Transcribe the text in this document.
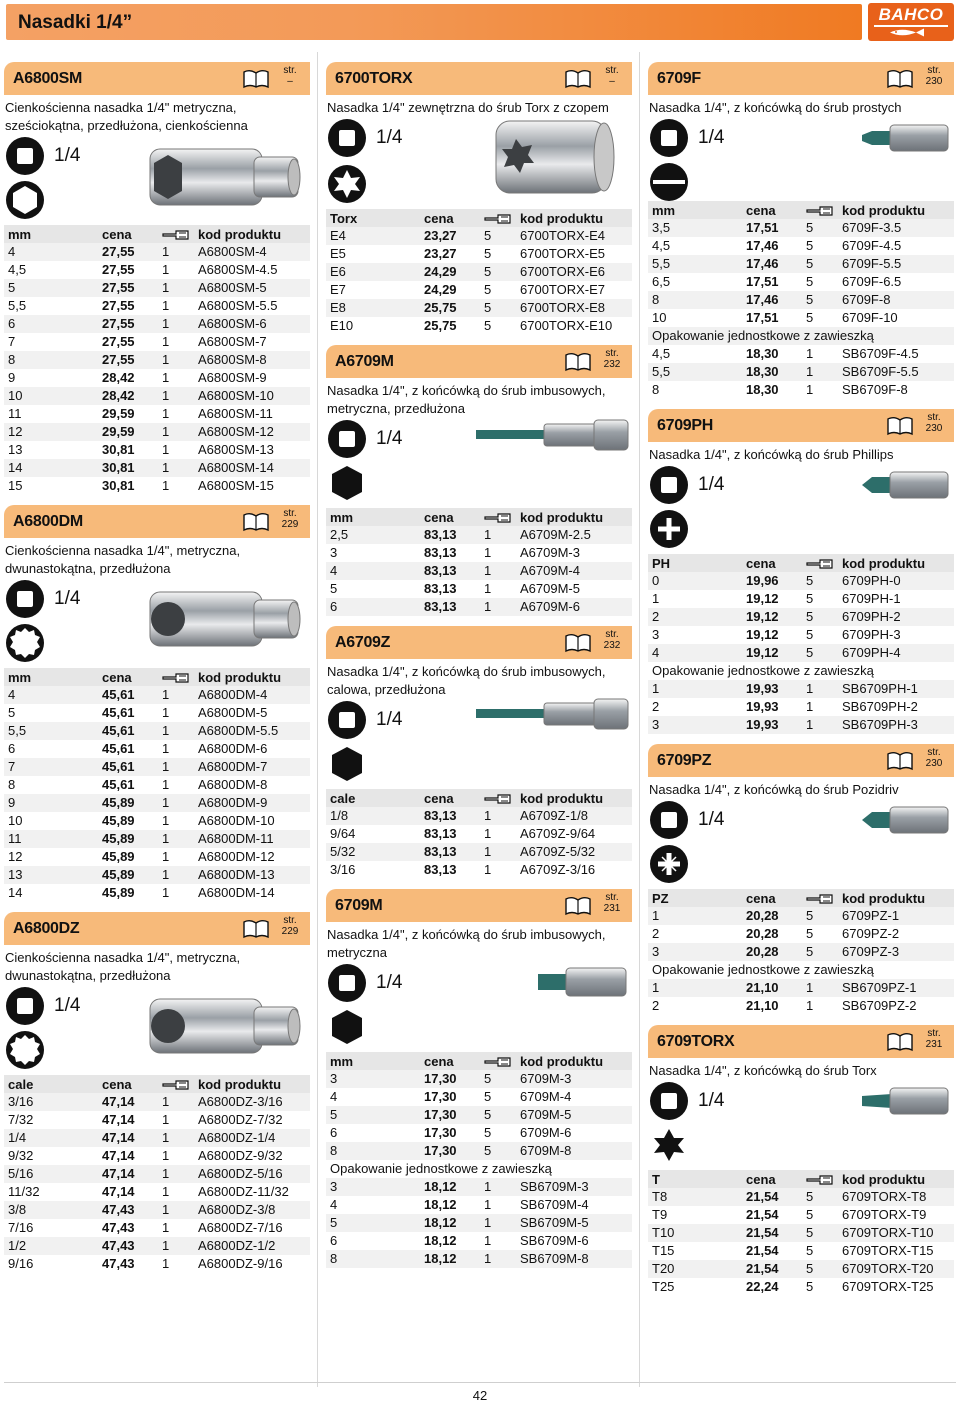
Nasadki 1/4”	BAHCO
42
A6800SM	str.
–
Cienkościenna nasadka 1/4" metryczna, sześciokątna, przedłużona, cienkościenna
1/4
mm	cena		kod produktu
4	27,55	1	A6800SM-4
4,5	27,55	1	A6800SM-4.5
5	27,55	1	A6800SM-5
5,5	27,55	1	A6800SM-5.5
6	27,55	1	A6800SM-6
7	27,55	1	A6800SM-7
8	27,55	1	A6800SM-8
9	28,42	1	A6800SM-9
10	28,42	1	A6800SM-10
11	29,59	1	A6800SM-11
12	29,59	1	A6800SM-12
13	30,81	1	A6800SM-13
14	30,81	1	A6800SM-14
15	30,81	1	A6800SM-15
A6800DM	str.
229
Cienkościenna nasadka 1/4", metryczna, dwunastokątna, przedłużona
1/4
mm	cena		kod produktu
4	45,61	1	A6800DM-4
5	45,61	1	A6800DM-5
5,5	45,61	1	A6800DM-5.5
6	45,61	1	A6800DM-6
7	45,61	1	A6800DM-7
8	45,61	1	A6800DM-8
9	45,89	1	A6800DM-9
10	45,89	1	A6800DM-10
11	45,89	1	A6800DM-11
12	45,89	1	A6800DM-12
13	45,89	1	A6800DM-13
14	45,89	1	A6800DM-14
A6800DZ	str.
229
Cienkościenna nasadka 1/4", metryczna, dwunastokątna, przedłużona
1/4
cale	cena		kod produktu
3/16	47,14	1	A6800DZ-3/16
7/32	47,14	1	A6800DZ-7/32
1/4	47,14	1	A6800DZ-1/4
9/32	47,14	1	A6800DZ-9/32
5/16	47,14	1	A6800DZ-5/16
11/32	47,14	1	A6800DZ-11/32
3/8	47,43	1	A6800DZ-3/8
7/16	47,43	1	A6800DZ-7/16
1/2	47,43	1	A6800DZ-1/2
9/16	47,43	1	A6800DZ-9/16
6700TORX	str.
–
Nasadka 1/4" zewnętrzna do śrub Torx z czopem
1/4
Torx	cena		kod produktu
E4	23,27	5	6700TORX-E4
E5	23,27	5	6700TORX-E5
E6	24,29	5	6700TORX-E6
E7	24,29	5	6700TORX-E7
E8	25,75	5	6700TORX-E8
E10	25,75	5	6700TORX-E10
A6709M	str.
232
Nasadka 1/4", z końcówką do śrub imbusowych, metryczna, przedłużona
1/4
mm	cena		kod produktu
2,5	83,13	1	A6709M-2.5
3	83,13	1	A6709M-3
4	83,13	1	A6709M-4
5	83,13	1	A6709M-5
6	83,13	1	A6709M-6
A6709Z	str.
232
Nasadka 1/4", z końcówką do śrub imbusowych, calowa, przedłużona
1/4
cale	cena		kod produktu
1/8	83,13	1	A6709Z-1/8
9/64	83,13	1	A6709Z-9/64
5/32	83,13	1	A6709Z-5/32
3/16	83,13	1	A6709Z-3/16
6709M	str.
231
Nasadka 1/4", z końcówką do śrub imbusowych, metryczna
1/4
mm	cena		kod produktu
3	17,30	5	6709M-3
4	17,30	5	6709M-4
5	17,30	5	6709M-5
6	17,30	5	6709M-6
8	17,30	5	6709M-8
Opakowanie jednostkowe z zawieszką			
3	18,12	1	SB6709M-3
4	18,12	1	SB6709M-4
5	18,12	1	SB6709M-5
6	18,12	1	SB6709M-6
8	18,12	1	SB6709M-8
6709F	str.
230
Nasadka 1/4", z końcówką do śrub prostych
1/4
mm	cena		kod produktu
3,5	17,51	5	6709F-3.5
4,5	17,46	5	6709F-4.5
5,5	17,46	5	6709F-5.5
6,5	17,51	5	6709F-6.5
8	17,46	5	6709F-8
10	17,51	5	6709F-10
Opakowanie jednostkowe z zawieszką			
4,5	18,30	1	SB6709F-4.5
5,5	18,30	1	SB6709F-5.5
8	18,30	1	SB6709F-8
6709PH	str.
230
Nasadka 1/4", z końcówką do śrub Phillips
1/4
PH	cena		kod produktu
0	19,96	5	6709PH-0
1	19,12	5	6709PH-1
2	19,12	5	6709PH-2
3	19,12	5	6709PH-3
4	19,12	5	6709PH-4
Opakowanie jednostkowe z zawieszką			
1	19,93	1	SB6709PH-1
2	19,93	1	SB6709PH-2
3	19,93	1	SB6709PH-3
6709PZ	str.
230
Nasadka 1/4", z końcówką do śrub Pozidriv
1/4
PZ	cena		kod produktu
1	20,28	5	6709PZ-1
2	20,28	5	6709PZ-2
3	20,28	5	6709PZ-3
Opakowanie jednostkowe z zawieszką			
1	21,10	1	SB6709PZ-1
2	21,10	1	SB6709PZ-2
6709TORX	str.
231
Nasadka 1/4", z końcówką do śrub Torx
1/4
T	cena		kod produktu
T8	21,54	5	6709TORX-T8
T9	21,54	5	6709TORX-T9
T10	21,54	5	6709TORX-T10
T15	21,54	5	6709TORX-T15
T20	21,54	5	6709TORX-T20
T25	22,24	5	6709TORX-T25
